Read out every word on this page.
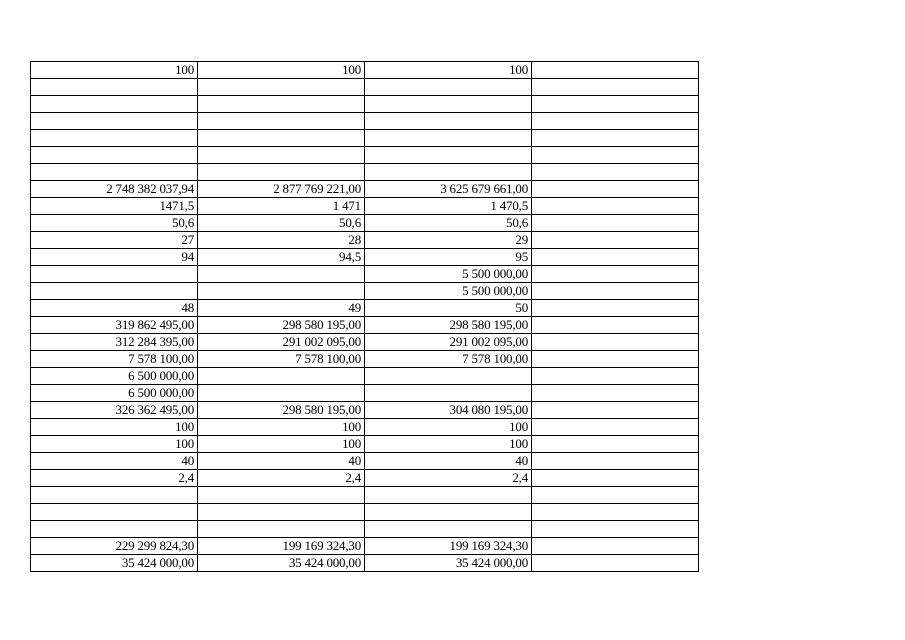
100	100	100	

2 748 382 037,94	2 877 769 221,00	3 625 679 661,00	
1471,5	1 471	1 470,5	
50,6	50,6	50,6	
27	28	29	
94	94,5	95	
		5 500 000,00	
		5 500 000,00	
48	49	50	
319 862 495,00	298 580 195,00	298 580 195,00	
312 284 395,00	291 002 095,00	291 002 095,00	
7 578 100,00	7 578 100,00	7 578 100,00	
6 500 000,00			
6 500 000,00			
326 362 495,00	298 580 195,00	304 080 195,00	
100	100	100	
100	100	100	
40	40	40	
2,4	2,4	2,4	

229 299 824,30	199 169 324,30	199 169 324,30	
35 424 000,00	35 424 000,00	35 424 000,00	
